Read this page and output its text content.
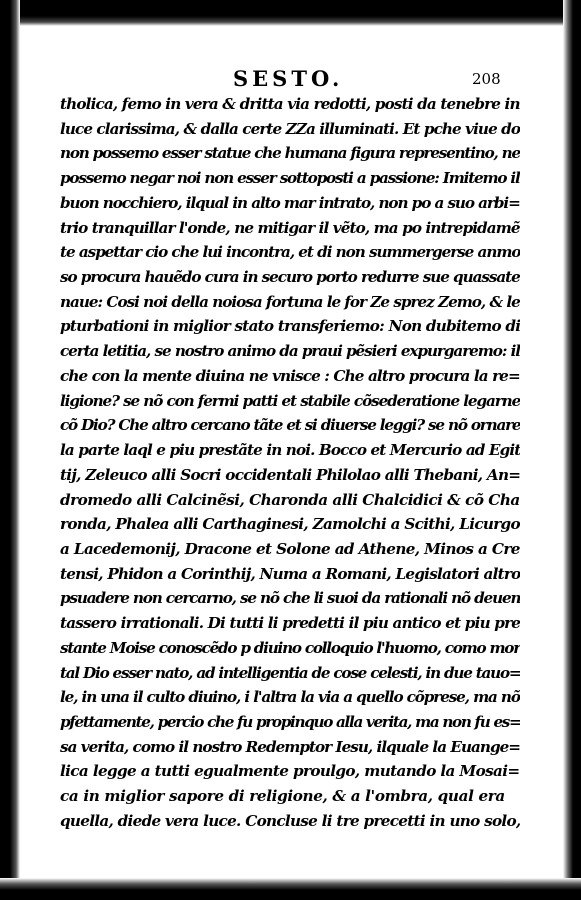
SESTO.	208
tholica, femo in vera & dritta via redotti, posti da tenebre in
luce clarissima, & dalla certe ZZa illuminati. Et pche viue do
non possemo esser statue che humana figura representino, ne
possemo negar noi non esser sottoposti a passione: Imitemo il
buon nocchiero, ilqual in alto mar intrato, non po a suo arbi=
trio tranquillar l'onde, ne mitigar il vẽto, ma po intrepidamẽ
te aspettar cio che lui incontra, et di non summergerse anmo
so procura hauẽdo cura in securo porto redurre sue quassate
naue: Cosi noi della noiosa fortuna le for Ze sprez Zemo, & le
pturbationi in miglior stato transferiemo: Non dubitemo di
certa letitia, se nostro animo da praui pẽsieri expurgaremo: il
che con la mente diuina ne vnisce : Che altro procura la re=
ligione? se nõ con fermi patti et stabile cõsederatione legarne
cõ Dio? Che altro cercano tãte et si diuerse leggi? se nõ ornare
la parte laql e piu prestãte in noi. Bocco et Mercurio ad Egit
tij, Zeleuco alli Socri occidentali Philolao alli Thebani, An=
dromedo alli Calcinẽsi, Charonda alli Chalcidici & cõ Cha
ronda, Phalea alli Carthaginesi, Zamolchi a Scithi, Licurgo
a Lacedemonij, Dracone et Solone ad Athene, Minos a Cre
tensi, Phidon a Corinthij, Numa a Romani, Legislatori altro
psuadere non cercarno, se nõ che li suoi da rationali nõ deuen
tassero irrationali. Di tutti li predetti il piu antico et piu pre
stante Moise conoscẽdo p diuino colloquio l'huomo, como mor
tal Dio esser nato, ad intelligentia de cose celesti, in due tauo=
le, in una il culto diuino, i l'altra la via a quello cõprese, ma nõ
pfettamente, percio che fu propinquo alla verita, ma non fu es=
sa verita, como il nostro Redemptor Iesu, ilquale la Euange=
lica legge a tutti egualmente proulgo, mutando la Mosai=
ca in miglior sapore di religione, & a l'ombra, qual era
quella, diede vera luce. Concluse li tre precetti in uno solo,
